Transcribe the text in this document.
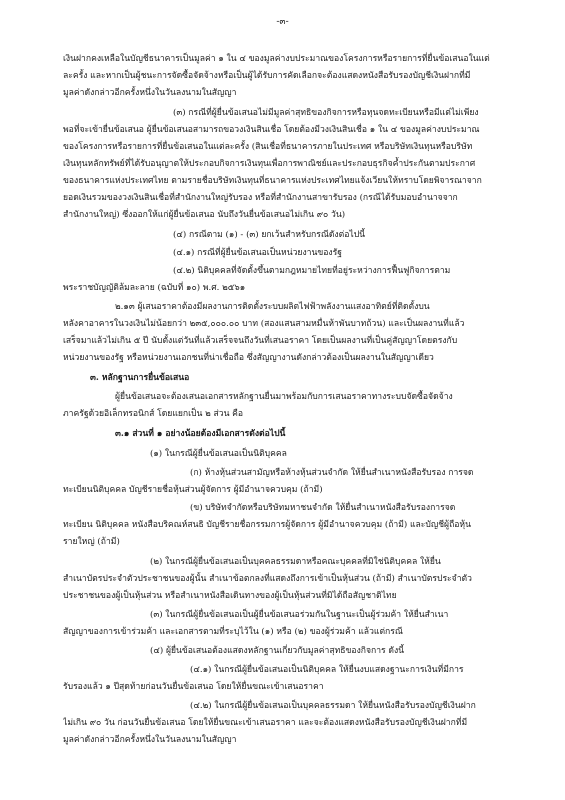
-๓-
เงินฝากคงเหลือในบัญชีธนาคารเป็นมูลค่า ๑ ใน ๔ ของมูลค่างบประมาณของโครงการหรือรายการที่ยื่นข้อเสนอในแต่
ละครั้ง และหากเป็นผู้ชนะการจัดซื้อจัดจ้างหรือเป็นผู้ได้รับการคัดเลือกจะต้องแสดงหนังสือรับรองบัญชีเงินฝากที่มี
มูลค่าดังกล่าวอีกครั้งหนึ่งในวันลงนามในสัญญา
(๓) กรณีที่ผู้ยื่นข้อเสนอไม่มีมูลค่าสุทธิของกิจการหรือทุนจดทะเบียนหรือมีแต่ไม่เพียง
พอที่จะเข้ายื่นข้อเสนอ ผู้ยื่นข้อเสนอสามารถขอวงเงินสินเชื่อ โดยต้องมีวงเงินสินเชื่อ ๑ ใน ๔ ของมูลค่างบประมาณ
ของโครงการหรือรายการที่ยื่นข้อเสนอในแต่ละครั้ง (สินเชื่อที่ธนาคารภายในประเทศ หรือบริษัทเงินทุนหรือบริษัท
เงินทุนหลักทรัพย์ที่ได้รับอนุญาตให้ประกอบกิจการเงินทุนเพื่อการพาณิชย์และประกอบธุรกิจค้ำประกันตามประกาศ
ของธนาคารแห่งประเทศไทย ตามรายชื่อบริษัทเงินทุนที่ธนาคารแห่งประเทศไทยแจ้งเวียนให้ทราบโดยพิจารณาจาก
ยอดเงินรวมของวงเงินสินเชื่อที่สำนักงานใหญ่รับรอง หรือที่สำนักงานสาขารับรอง (กรณีได้รับมอบอำนาจจาก
สำนักงานใหญ่) ซึ่งออกให้แก่ผู้ยื่นข้อเสนอ นับถึงวันยื่นข้อเสนอไม่เกิน ๙๐ วัน)
(๔) กรณีตาม (๑) - (๓) ยกเว้นสำหรับกรณีดังต่อไปนี้
(๔.๑) กรณีที่ผู้ยื่นข้อเสนอเป็นหน่วยงานของรัฐ
(๔.๒) นิติบุคคลที่จัดตั้งขึ้นตามกฎหมายไทยที่อยู่ระหว่างการฟื้นฟูกิจการตาม
พระราชบัญญัติล้มละลาย (ฉบับที่ ๑๐) พ.ศ. ๒๕๖๑
๒.๑๓ ผู้เสนอราคาต้องมีผลงานการติดตั้งระบบผลิตไฟฟ้าพลังงานแสงอาทิตย์ที่ติดตั้งบน
หลังคาอาคารในวงเงินไม่น้อยกว่า ๒๓๕,๐๐๐.๐๐ บาท (สองแสนสามหมื่นห้าพันบาทถ้วน) และเป็นผลงานที่แล้ว
เสร็จมาแล้วไม่เกิน ๕ ปี นับตั้งแต่วันที่แล้วเสร็จจนถึงวันที่เสนอราคา โดยเป็นผลงานที่เป็นคู่สัญญาโดยตรงกับ
หน่วยงานของรัฐ หรือหน่วยงานเอกชนที่น่าเชื่อถือ ซึ่งสัญญางานดังกล่าวต้องเป็นผลงานในสัญญาเดียว
๓. หลักฐานการยื่นข้อเสนอ
ผู้ยื่นข้อเสนอจะต้องเสนอเอกสารหลักฐานยื่นมาพร้อมกับการเสนอราคาทางระบบจัดซื้อจัดจ้าง
ภาครัฐด้วยอิเล็กทรอนิกส์ โดยแยกเป็น ๒ ส่วน คือ
๓.๑ ส่วนที่ ๑ อย่างน้อยต้องมีเอกสารดังต่อไปนี้
(๑) ในกรณีผู้ยื่นข้อเสนอเป็นนิติบุคคล
(ก) ห้างหุ้นส่วนสามัญหรือห้างหุ้นส่วนจำกัด ให้ยื่นสำเนาหนังสือรับรอง การจด
ทะเบียนนิติบุคคล บัญชีรายชื่อหุ้นส่วนผู้จัดการ ผู้มีอำนาจควบคุม (ถ้ามี)
(ข) บริษัทจำกัดหรือบริษัทมหาชนจำกัด ให้ยื่นสำเนาหนังสือรับรองการจด
ทะเบียน นิติบุคคล หนังสือบริคณห์สนธิ บัญชีรายชื่อกรรมการผู้จัดการ ผู้มีอำนาจควบคุม (ถ้ามี) และบัญชีผู้ถือหุ้น
รายใหญ่ (ถ้ามี)
(๒) ในกรณีผู้ยื่นข้อเสนอเป็นบุคคลธรรมดาหรือคณะบุคคลที่มิใช่นิติบุคคล ให้ยื่น
สำเนาบัตรประจำตัวประชาชนของผู้นั้น สำเนาข้อตกลงที่แสดงถึงการเข้าเป็นหุ้นส่วน (ถ้ามี) สำเนาบัตรประจำตัว
ประชาชนของผู้เป็นหุ้นส่วน หรือสำเนาหนังสือเดินทางของผู้เป็นหุ้นส่วนที่มิได้ถือสัญชาติไทย
(๓) ในกรณีผู้ยื่นข้อเสนอเป็นผู้ยื่นข้อเสนอร่วมกันในฐานะเป็นผู้ร่วมค้า ให้ยื่นสำเนา
สัญญาของการเข้าร่วมค้า และเอกสารตามที่ระบุไว้ใน (๑) หรือ (๒) ของผู้ร่วมค้า แล้วแต่กรณี
(๔) ผู้ยื่นข้อเสนอต้องแสดงหลักฐานเกี่ยวกับมูลค่าสุทธิของกิจการ ดังนี้
(๔.๑) ในกรณีผู้ยื่นข้อเสนอเป็นนิติบุคคล ให้ยื่นงบแสดงฐานะการเงินที่มีการ
รับรองแล้ว ๑ ปีสุดท้ายก่อนวันยื่นข้อเสนอ โดยให้ยื่นขณะเข้าเสนอราคา
(๔.๒) ในกรณีผู้ยื่นข้อเสนอเป็นบุคคลธรรมดา ให้ยื่นหนังสือรับรองบัญชีเงินฝาก
ไม่เกิน ๙๐ วัน ก่อนวันยื่นข้อเสนอ โดยให้ยื่นขณะเข้าเสนอราคา และจะต้องแสดงหนังสือรับรองบัญชีเงินฝากที่มี
มูลค่าดังกล่าวอีกครั้งหนึ่งในวันลงนามในสัญญา
